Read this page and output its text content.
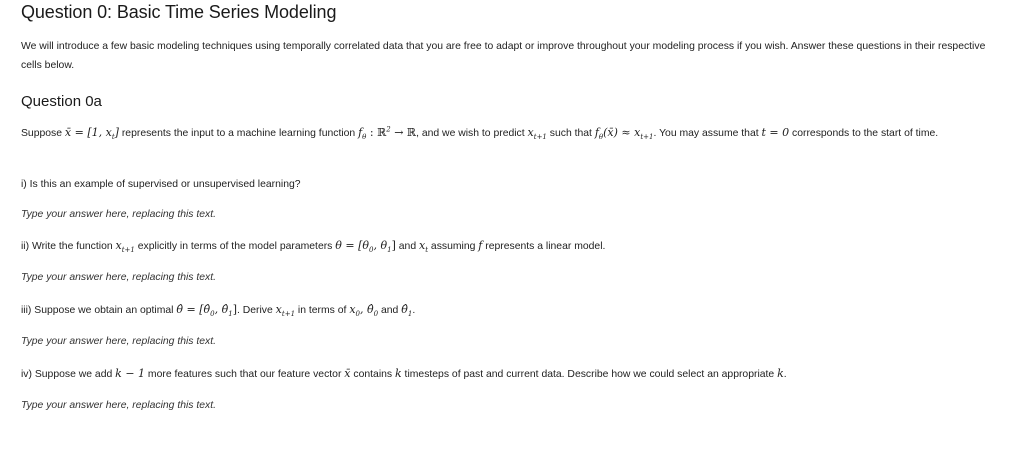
Question 0: Basic Time Series Modeling
We will introduce a few basic modeling techniques using temporally correlated data that you are free to adapt or improve throughout your modeling process if you wish. Answer these questions in their respective cells below.
Question 0a
Suppose x̄ = [1, $x_t$] represents the input to a machine learning function $f_\theta$ : ℝ$^2$ → ℝ, and we wish to predict $x_{t+1}$ such that $f_\theta(x̄) \approx x_{t+1}$. You may assume that t = 0 corresponds to the start of time.
i) Is this an example of supervised or unsupervised learning?
Type your answer here, replacing this text.
ii) Write the function $x_{t+1}$ explicitly in terms of the model parameters $\theta = [\theta_0$, $\theta_1$] and $x_t$ assuming f represents a linear model.
Type your answer here, replacing this text.
iii) Suppose we obtain an optimal θ̂ = [$\thetâ_0$, $\thetâ_1$]. Derive $x_{t+1}$ in terms of $x_0$, $\thetâ_0$ and $\thetâ_1$.
Type your answer here, replacing this text.
iv) Suppose we add k − 1 more features such that our feature vector x̄ contains k timesteps of past and current data. Describe how we could select an appropriate k.
Type your answer here, replacing this text.
